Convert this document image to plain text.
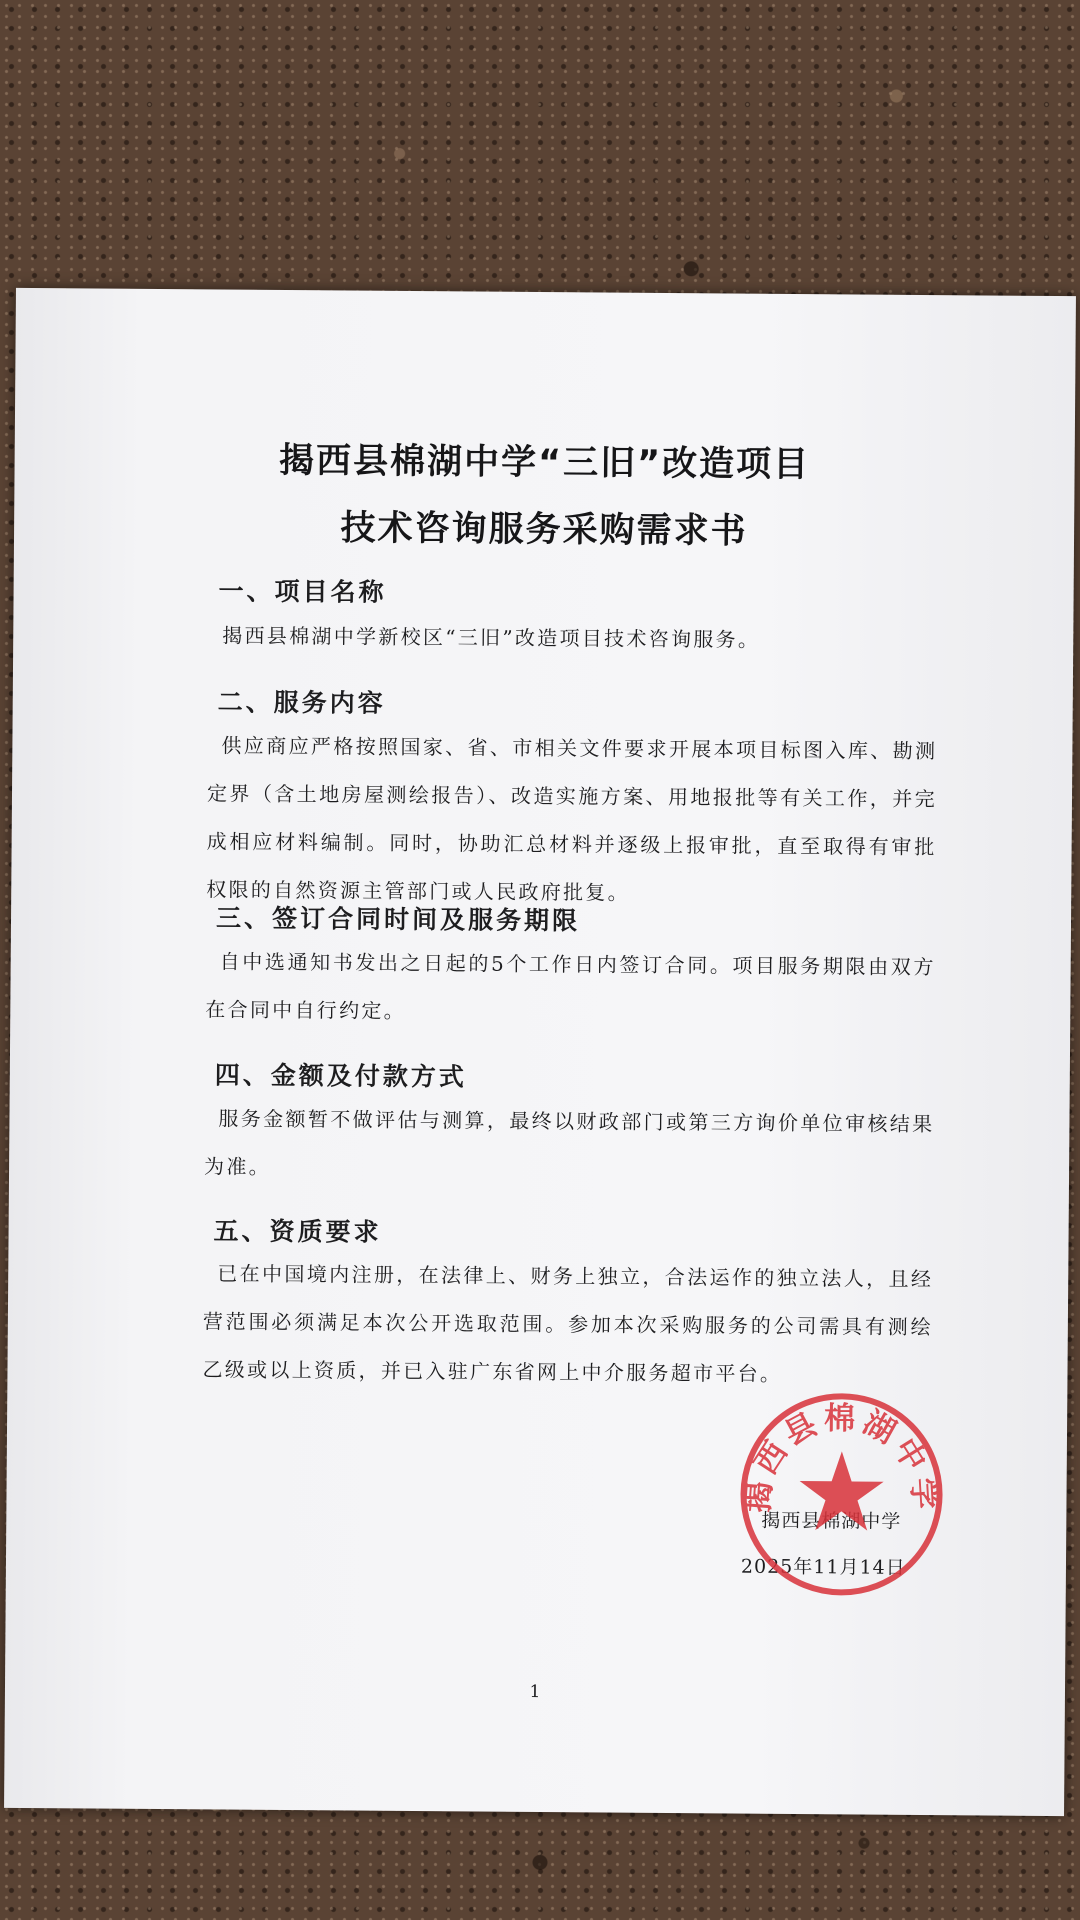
揭西县棉湖中学“三旧”改造项目
技术咨询服务采购需求书
一、项目名称
揭西县棉湖中学新校区“三旧”改造项目技术咨询服务。
二、服务内容
供应商应严格按照国家、省、市相关文件要求开展本项目标图入库、勘测定界（含土地房屋测绘报告）、改造实施方案、用地报批等有关工作，并完成相应材料编制。同时，协助汇总材料并逐级上报审批，直至取得有审批权限的自然资源主管部门或人民政府批复。
三、签订合同时间及服务期限
自中选通知书发出之日起的5个工作日内签订合同。项目服务期限由双方在合同中自行约定。
四、金额及付款方式
服务金额暂不做评估与测算，最终以财政部门或第三方询价单位审核结果为准。
五、资质要求
已在中国境内注册，在法律上、财务上独立，合法运作的独立法人，且经营范围必须满足本次公开选取范围。参加本次采购服务的公司需具有测绘乙级或以上资质，并已入驻广东省网上中介服务超市平台。
揭西县棉湖中学
2025年11月14日
揭西县棉湖中学
1
